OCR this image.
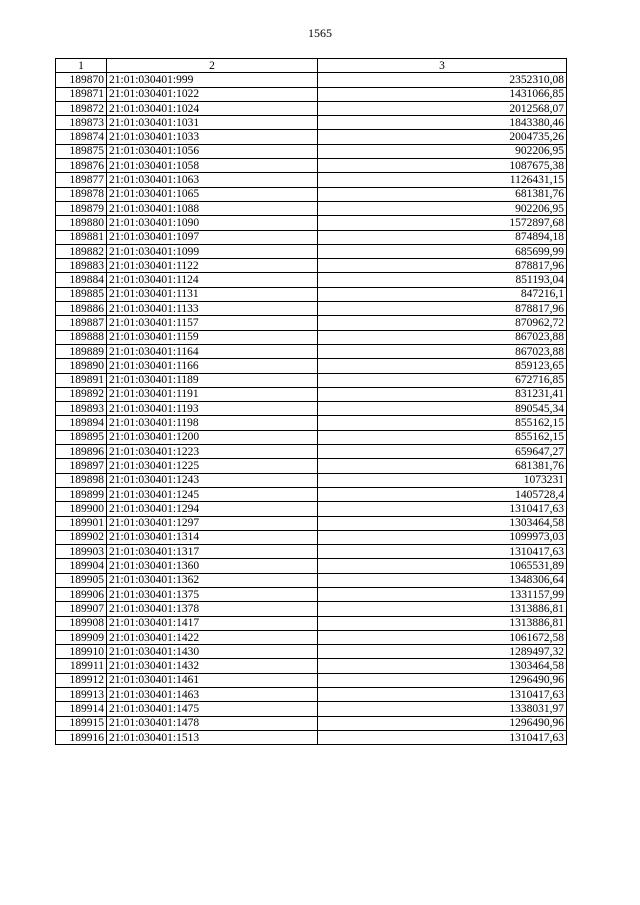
1565
1	2	3
189870	21:01:030401:999	2352310,08
189871	21:01:030401:1022	1431066,85
189872	21:01:030401:1024	2012568,07
189873	21:01:030401:1031	1843380,46
189874	21:01:030401:1033	2004735,26
189875	21:01:030401:1056	902206,95
189876	21:01:030401:1058	1087675,38
189877	21:01:030401:1063	1126431,15
189878	21:01:030401:1065	681381,76
189879	21:01:030401:1088	902206,95
189880	21:01:030401:1090	1572897,68
189881	21:01:030401:1097	874894,18
189882	21:01:030401:1099	685699,99
189883	21:01:030401:1122	878817,96
189884	21:01:030401:1124	851193,04
189885	21:01:030401:1131	847216,1
189886	21:01:030401:1133	878817,96
189887	21:01:030401:1157	870962,72
189888	21:01:030401:1159	867023,88
189889	21:01:030401:1164	867023,88
189890	21:01:030401:1166	859123,65
189891	21:01:030401:1189	672716,85
189892	21:01:030401:1191	831231,41
189893	21:01:030401:1193	890545,34
189894	21:01:030401:1198	855162,15
189895	21:01:030401:1200	855162,15
189896	21:01:030401:1223	659647,27
189897	21:01:030401:1225	681381,76
189898	21:01:030401:1243	1073231
189899	21:01:030401:1245	1405728,4
189900	21:01:030401:1294	1310417,63
189901	21:01:030401:1297	1303464,58
189902	21:01:030401:1314	1099973,03
189903	21:01:030401:1317	1310417,63
189904	21:01:030401:1360	1065531,89
189905	21:01:030401:1362	1348306,64
189906	21:01:030401:1375	1331157,99
189907	21:01:030401:1378	1313886,81
189908	21:01:030401:1417	1313886,81
189909	21:01:030401:1422	1061672,58
189910	21:01:030401:1430	1289497,32
189911	21:01:030401:1432	1303464,58
189912	21:01:030401:1461	1296490,96
189913	21:01:030401:1463	1310417,63
189914	21:01:030401:1475	1338031,97
189915	21:01:030401:1478	1296490,96
189916	21:01:030401:1513	1310417,63
